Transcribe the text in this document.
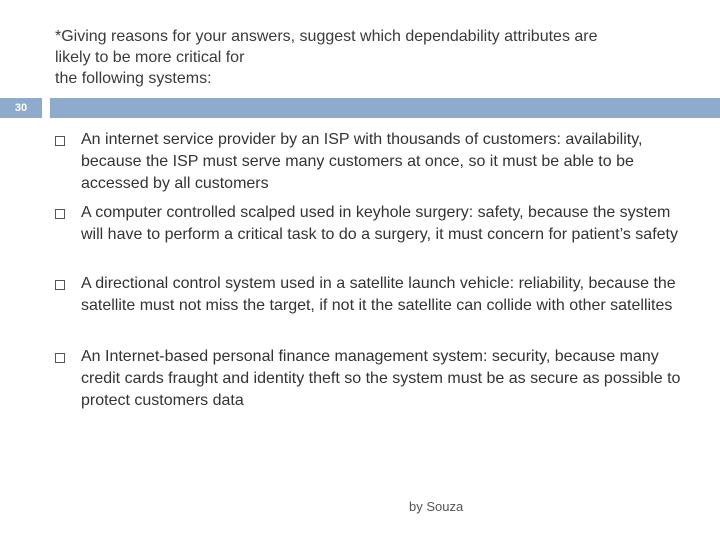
*Giving reasons for your answers, suggest which dependability attributes are
likely to be more critical for
the following systems:
30
An internet service provider by an ISP with thousands of customers: availability, because the ISP must serve many customers at once, so it must be able to be accessed by all customers
A computer controlled scalped used in keyhole surgery: safety, because the system will have to perform a critical task to do a surgery, it must concern for patient’s safety
A directional control system used in a satellite launch vehicle: reliability, because the satellite must not miss the target, if not it the satellite can collide with other satellites
An Internet-based personal finance management system: security, because many credit cards fraught and identity theft so the system must be as secure as possible to protect customers data
by Souza
